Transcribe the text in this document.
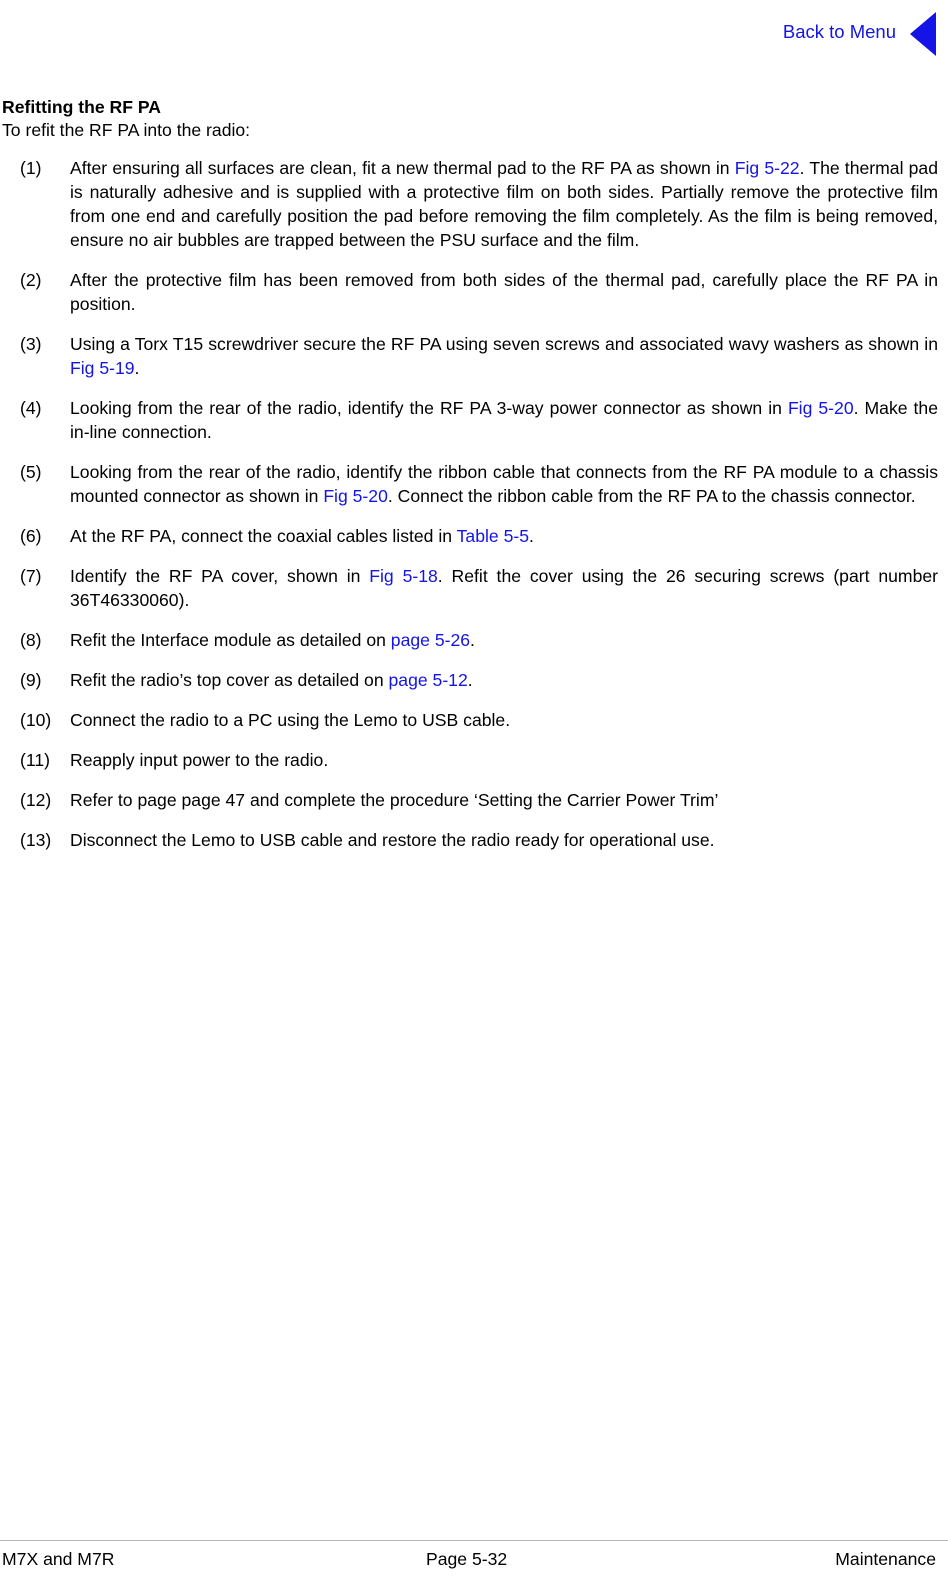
Back to Menu

Refitting the RF PA

To refit the RF PA into the radio:

(1)	After ensuring all surfaces are clean, fit a new thermal pad to the RF PA as shown in Fig 5-22. The thermal pad is naturally adhesive and is supplied with a protective film on both sides. Partially remove the protective film from one end and carefully position the pad before removing the film completely. As the film is being removed, ensure no air bubbles are trapped between the PSU surface and the film.
(2)	After the protective film has been removed from both sides of the thermal pad, carefully place the RF PA in position.
(3)	Using a Torx T15 screwdriver secure the RF PA using seven screws and associated wavy washers as shown in Fig 5-19.
(4)	Looking from the rear of the radio, identify the RF PA 3-way power connector as shown in Fig 5-20. Make the in-line connection.
(5)	Looking from the rear of the radio, identify the ribbon cable that connects from the RF PA module to a chassis mounted connector as shown in Fig 5-20. Connect the ribbon cable from the RF PA to the chassis connector.
(6)	At the RF PA, connect the coaxial cables listed in Table 5-5.
(7)	Identify the RF PA cover, shown in Fig 5-18. Refit the cover using the 26 securing screws (part number 36T46330060).
(8)	Refit the Interface module as detailed on page 5-26.
(9)	Refit the radio’s top cover as detailed on page 5-12.
(10)	Connect the radio to a PC using the Lemo to USB cable.
(11)	Reapply input power to the radio.
(12)	Refer to page page 47 and complete the procedure ‘Setting the Carrier Power Trim’
(13)	Disconnect the Lemo to USB cable and restore the radio ready for operational use.
M7X and M7R	Page 5-32	Maintenance
